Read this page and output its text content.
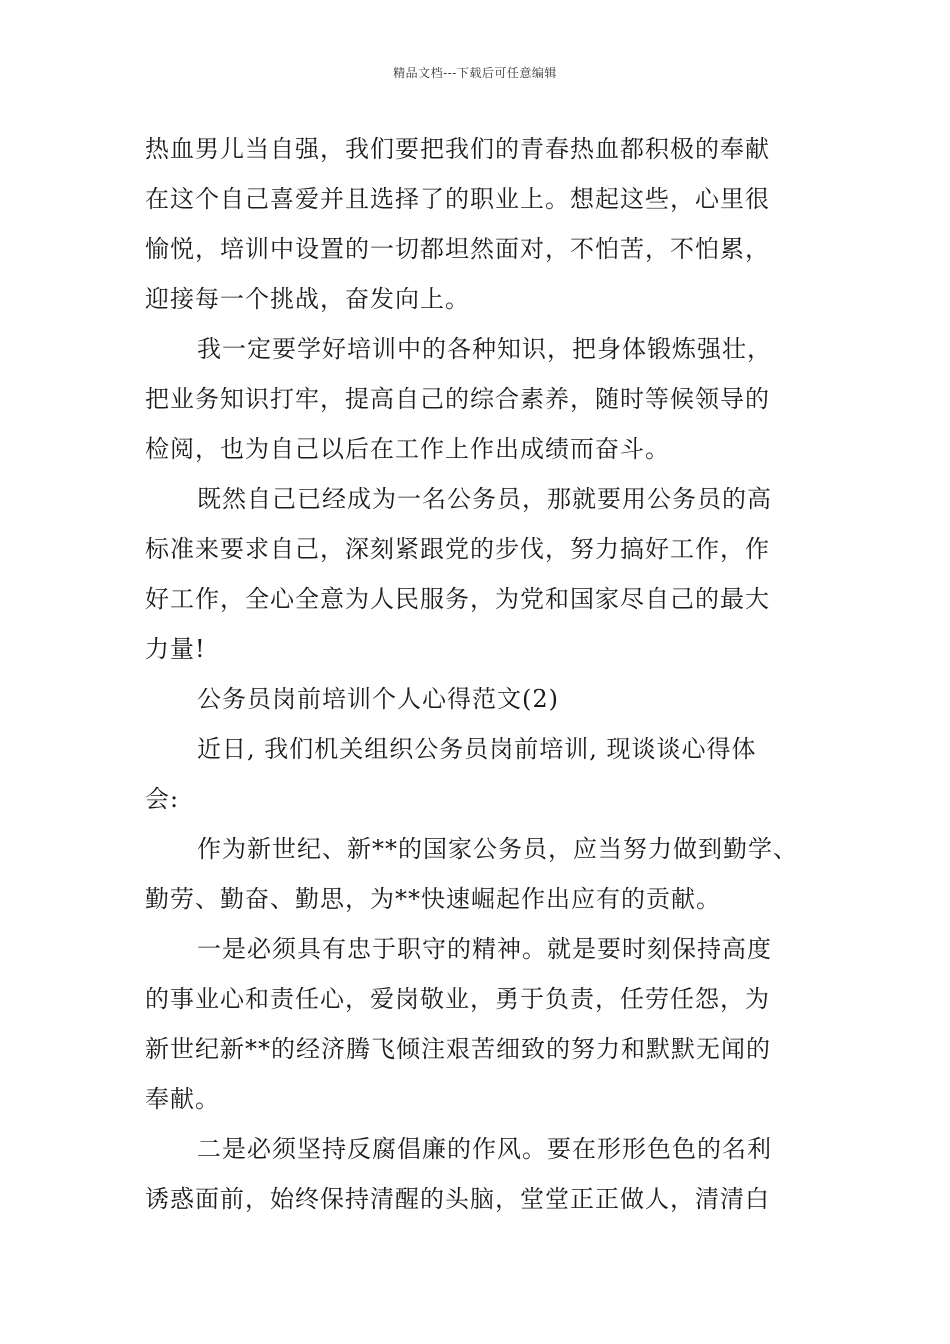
精品文档---下载后可任意编辑
热血男儿当自强，我们要把我们的青春热血都积极的奉献
在这个自己喜爱并且选择了的职业上。想起这些，心里很
愉悦，培训中设置的一切都坦然面对，不怕苦，不怕累，
迎接每一个挑战，奋发向上。
我一定要学好培训中的各种知识，把身体锻炼强壮，
把业务知识打牢，提高自己的综合素养，随时等候领导的
检阅，也为自己以后在工作上作出成绩而奋斗。
既然自己已经成为一名公务员，那就要用公务员的高
标准来要求自己，深刻紧跟党的步伐，努力搞好工作，作
好工作，全心全意为人民服务，为党和国家尽自己的最大
力量!
公务员岗前培训个人心得范文(2)
近日, 我们机关组织公务员岗前培训, 现谈谈心得体
会:
作为新世纪、新**的国家公务员，应当努力做到勤学、
勤劳、勤奋、勤思，为**快速崛起作出应有的贡献。
一是必须具有忠于职守的精神。就是要时刻保持高度
的事业心和责任心，爱岗敬业，勇于负责，任劳任怨，为
新世纪新**的经济腾飞倾注艰苦细致的努力和默默无闻的
奉献。
二是必须坚持反腐倡廉的作风。要在形形色色的名利
诱惑面前，始终保持清醒的头脑，堂堂正正做人，清清白
